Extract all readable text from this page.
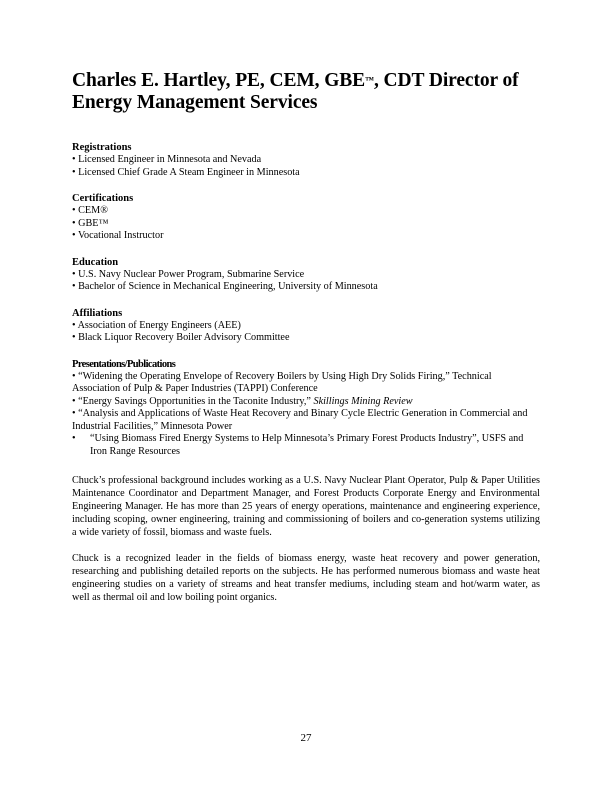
Charles E. Hartley, PE, CEM, GBE™, CDT Director of Energy Management Services

Registrations

• Licensed Engineer in Minnesota and Nevada

• Licensed Chief Grade A Steam Engineer in Minnesota

Certifications

• CEM®

• GBE™

• Vocational Instructor

Education

• U.S. Navy Nuclear Power Program, Submarine Service

• Bachelor of Science in Mechanical Engineering, University of Minnesota

Affiliations

• Association of Energy Engineers (AEE)

• Black Liquor Recovery Boiler Advisory Committee

Presentations/Publications

• “Widening the Operating Envelope of Recovery Boilers by Using High Dry Solids Firing,” Technical Association of Pulp & Paper Industries (TAPPI) Conference

• “Energy Savings Opportunities in the Taconite Industry,” Skillings Mining Review

• “Analysis and Applications of Waste Heat Recovery and Binary Cycle Electric Generation in Commercial and Industrial Facilities,” Minnesota Power

•	“Using Biomass Fired Energy Systems to Help Minnesota’s Primary Forest Products Industry”, USFS and Iron Range Resources

Chuck’s professional background includes working as a U.S. Navy Nuclear Plant Operator, Pulp & Paper Utilities Maintenance Coordinator and Department Manager, and Forest Products Corporate Energy and Environmental Engineering Manager. He has more than 25 years of energy operations, maintenance and engineering experience, including scoping, owner engineering, training and commissioning of boilers and co-generation systems utilizing a wide variety of fossil, biomass and waste fuels.

Chuck is a recognized leader in the fields of biomass energy, waste heat recovery and power generation, researching and publishing detailed reports on the subjects. He has performed numerous biomass and waste heat engineering studies on a variety of streams and heat transfer mediums, including steam and hot/warm water, as well as thermal oil and low boiling point organics.

27
